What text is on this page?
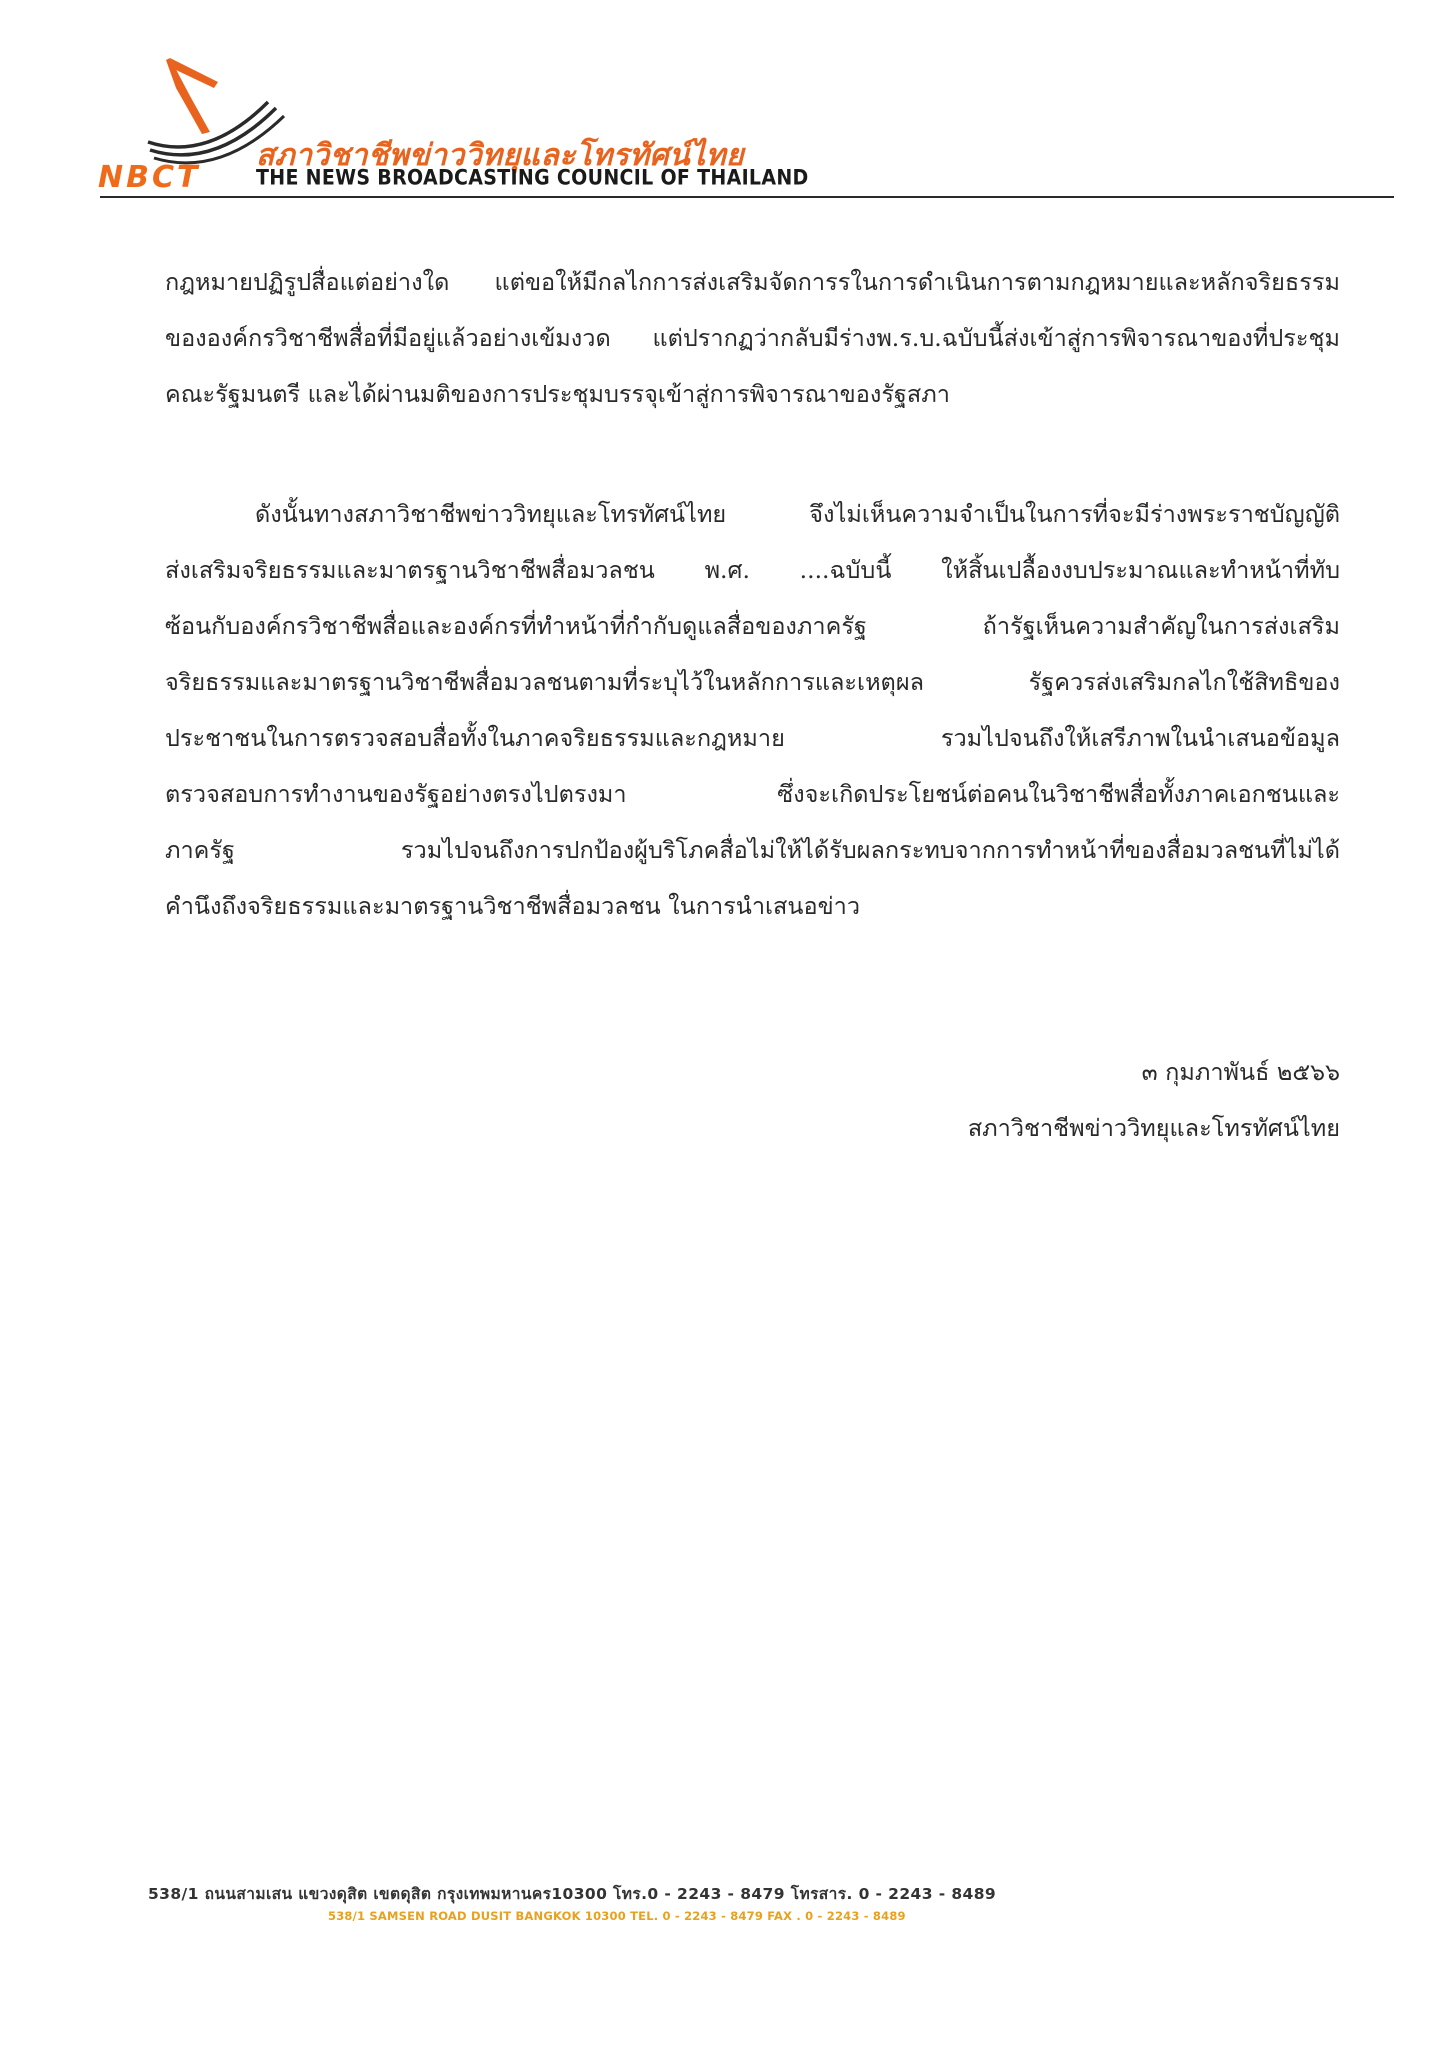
สภาวิชาชีพข่าววิทยุและโทรทัศน์ไทย
NBCT	THE NEWS BROADCASTING COUNCIL OF THAILAND
กฎหมายปฏิรูปสื่อแต่อย่างใด แต่ขอให้มีกลไกการส่งเสริมจัดการรในการดำเนินการตามกฎหมายและหลักจริยธรรม
ขององค์กรวิชาชีพสื่อที่มีอยู่แล้วอย่างเข้มงวด แต่ปรากฏว่ากลับมีร่างพ.ร.บ.ฉบับนี้ส่งเข้าสู่การพิจารณาของที่ประชุม
คณะรัฐมนตรี และได้ผ่านมติของการประชุมบรรจุเข้าสู่การพิจารณาของรัฐสภา
ดังนั้นทางสภาวิชาชีพข่าววิทยุและโทรทัศน์ไทย จึงไม่เห็นความจำเป็นในการที่จะมีร่างพระราชบัญญัติ
ส่งเสริมจริยธรรมและมาตรฐานวิชาชีพสื่อมวลชน พ.ศ. ....ฉบับนี้ ให้สิ้นเปลื้องงบประมาณและทำหน้าที่ทับ
ซ้อนกับองค์กรวิชาชีพสื่อและองค์กรที่ทำหน้าที่กำกับดูแลสื่อของภาครัฐ ถ้ารัฐเห็นความสำคัญในการส่งเสริม
จริยธรรมและมาตรฐานวิชาชีพสื่อมวลชนตามที่ระบุไว้ในหลักการและเหตุผล รัฐควรส่งเสริมกลไกใช้สิทธิของ
ประชาชนในการตรวจสอบสื่อทั้งในภาคจริยธรรมและกฎหมาย รวมไปจนถึงให้เสรีภาพในนำเสนอข้อมูล
ตรวจสอบการทำงานของรัฐอย่างตรงไปตรงมา ซึ่งจะเกิดประโยชน์ต่อคนในวิชาชีพสื่อทั้งภาคเอกชนและ
ภาครัฐ รวมไปจนถึงการปกป้องผู้บริโภคสื่อไม่ให้ได้รับผลกระทบจากการทำหน้าที่ของสื่อมวลชนที่ไม่ได้
คำนึงถึงจริยธรรมและมาตรฐานวิชาชีพสื่อมวลชน ในการนำเสนอข่าว
๓ กุมภาพันธ์ ๒๕๖๖
สภาวิชาชีพข่าววิทยุและโทรทัศน์ไทย
538/1 ถนนสามเสน แขวงดุสิต เขตดุสิต กรุงเทพมหานคร10300 โทร.0 - 2243 - 8479 โทรสาร. 0 - 2243 - 8489
538/1 SAMSEN ROAD DUSIT BANGKOK 10300 TEL. 0 - 2243 - 8479 FAX . 0 - 2243 - 8489
